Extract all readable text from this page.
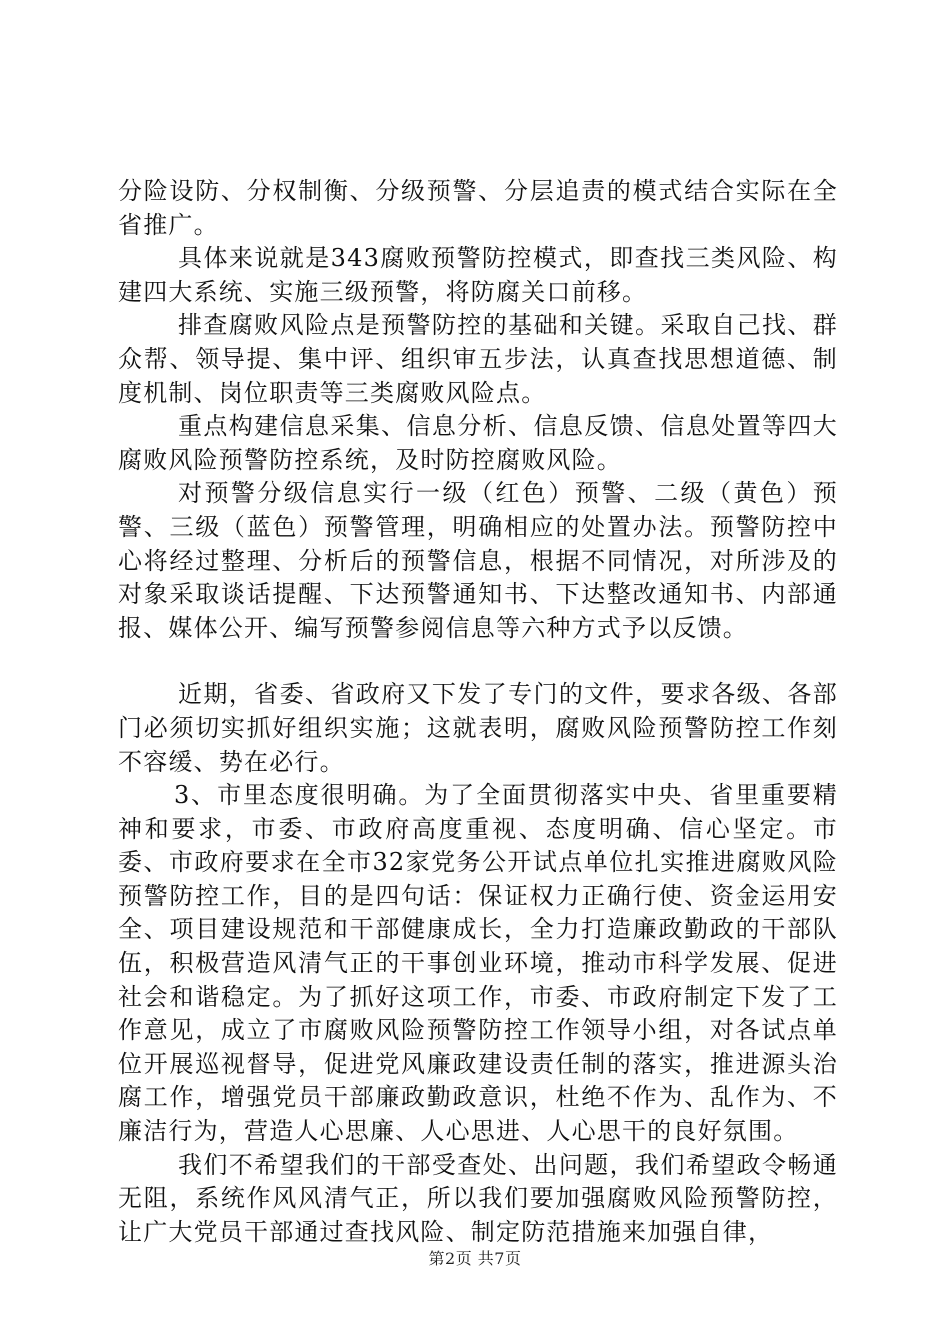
分险设防、分权制衡、分级预警、分层追责的模式结合实际在全省推广。

具体来说就是343腐败预警防控模式，即查找三类风险、构建四大系统、实施三级预警，将防腐关口前移。

排查腐败风险点是预警防控的基础和关键。采取自己找、群众帮、领导提、集中评、组织审五步法，认真查找思想道德、制度机制、岗位职责等三类腐败风险点。

重点构建信息采集、信息分析、信息反馈、信息处置等四大腐败风险预警防控系统，及时防控腐败风险。

对预警分级信息实行一级（红色）预警、二级（黄色）预警、三级（蓝色）预警管理，明确相应的处置办法。预警防控中心将经过整理、分析后的预警信息，根据不同情况，对所涉及的对象采取谈话提醒、下达预警通知书、下达整改通知书、内部通报、媒体公开、编写预警参阅信息等六种方式予以反馈。

近期，省委、省政府又下发了专门的文件，要求各级、各部门必须切实抓好组织实施；这就表明，腐败风险预警防控工作刻不容缓、势在必行。

3、市里态度很明确。为了全面贯彻落实中央、省里重要精神和要求，市委、市政府高度重视、态度明确、信心坚定。市委、市政府要求在全市32家党务公开试点单位扎实推进腐败风险预警防控工作，目的是四句话：保证权力正确行使、资金运用安全、项目建设规范和干部健康成长，全力打造廉政勤政的干部队伍，积极营造风清气正的干事创业环境，推动市科学发展、促进社会和谐稳定。为了抓好这项工作，市委、市政府制定下发了工作意见，成立了市腐败风险预警防控工作领导小组，对各试点单位开展巡视督导，促进党风廉政建设责任制的落实，推进源头治腐工作，增强党员干部廉政勤政意识，杜绝不作为、乱作为、不廉洁行为，营造人心思廉、人心思进、人心思干的良好氛围。

我们不希望我们的干部受查处、出问题，我们希望政令畅通无阻，系统作风风清气正，所以我们要加强腐败风险预警防控，让广大党员干部通过查找风险、制定防范措施来加强自律，

第2页 共7页
